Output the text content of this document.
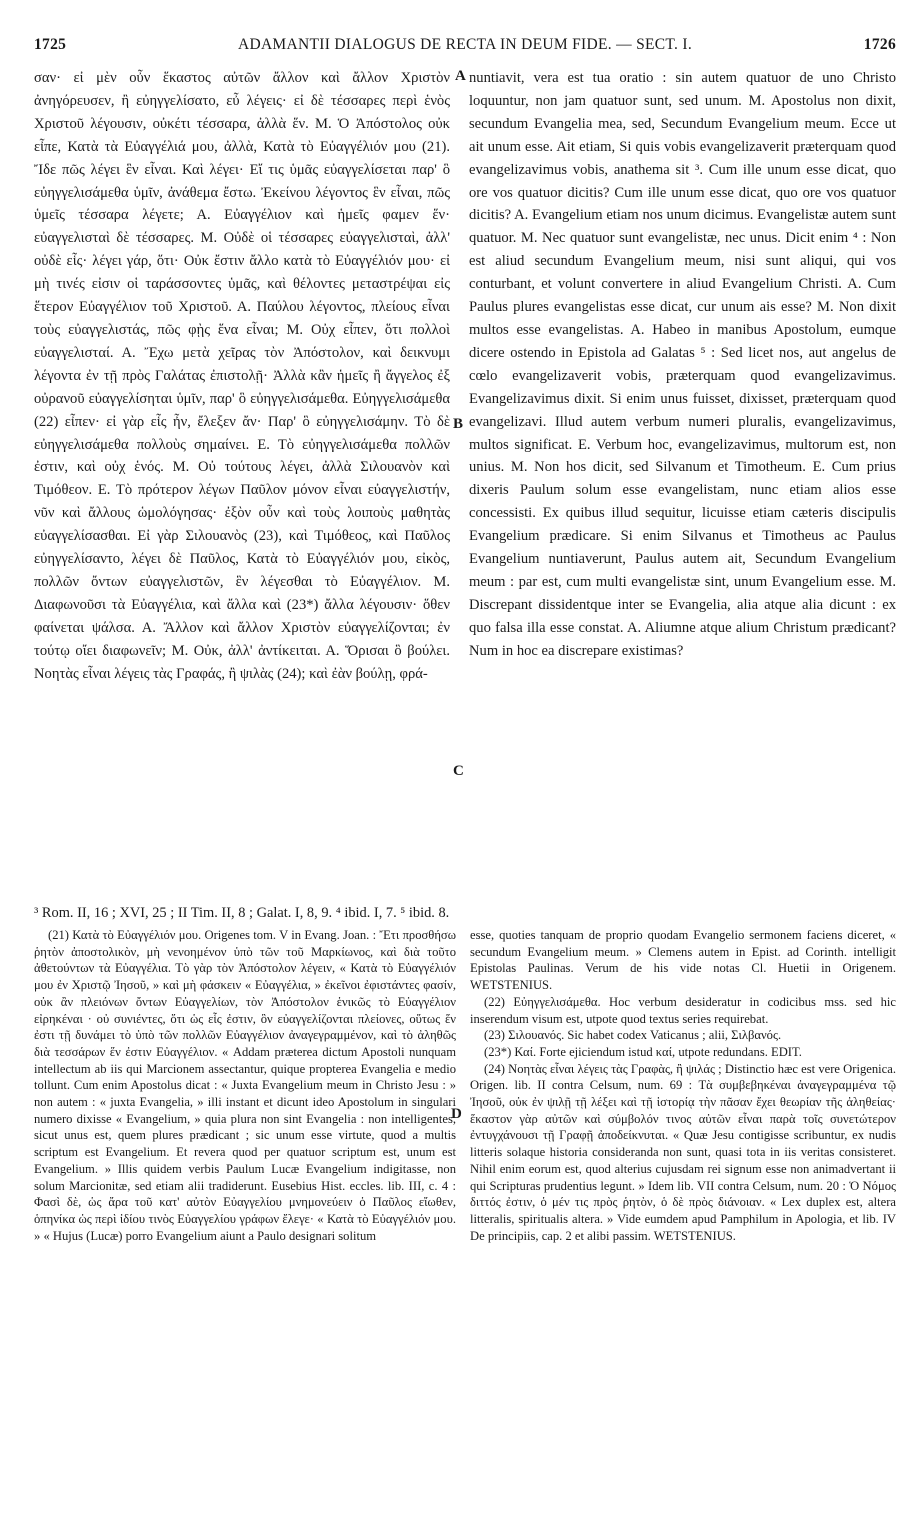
1725	ADAMANTII DIALOGUS DE RECTA IN DEUM FIDE. — SECT. I.	1726

σαν· εἰ μὲν οὖν ἕκαστος αὐτῶν ἄλλον καὶ ἄλλον Χριστὸν ἀνηγόρευσεν, ἢ εὐηγγελίσατο, εὖ λέγεις· εἰ δὲ τέσσαρες περὶ ἑνὸς Χριστοῦ λέγουσιν, οὐκέτι τέσσαρα, ἀλλὰ ἕν. Μ. Ὁ Ἀπόστολος οὐκ εἶπε, Κατὰ τὰ Εὐαγγέλιά μου, ἀλλὰ, Κατὰ τὸ Εὐαγγέλιόν μου (21). Ἴδε πῶς λέγει ἓν εἶναι. Καὶ λέγει· Εἴ τις ὑμᾶς εὐαγγελίσεται παρ' ὃ εὐηγγελισάμεθα ὑμῖν, ἀνάθεμα ἔστω. Ἐκείνου λέγοντος ἓν εἶναι, πῶς ὑμεῖς τέσσαρα λέγετε; Α. Εὐαγγέλιον καὶ ἡμεῖς φαμεν ἕν· εὐαγγελισταὶ δὲ τέσσαρες. Μ. Οὐδὲ οἱ τέσσαρες εὐαγγελισταὶ, ἀλλ' οὐδὲ εἷς· λέγει γάρ, ὅτι· Οὐκ ἔστιν ἄλλο κατὰ τὸ Εὐαγγέλιόν μου· εἰ μὴ τινές εἰσιν οἱ ταράσσοντες ὑμᾶς, καὶ θέλοντες μεταστρέψαι εἰς ἕτερον Εὐαγγέλιον τοῦ Χριστοῦ. Α. Παύλου λέγοντος, πλείους εἶναι τοὺς εὐαγγελιστάς, πῶς φῂς ἕνα εἶναι; Μ. Οὐχ εἶπεν, ὅτι πολλοὶ εὐαγγελισταί. Α. Ἔχω μετὰ χεῖρας τὸν Ἀπόστολον, καὶ δεικνυμι λέγοντα ἐν τῇ πρὸς Γαλάτας ἐπιστολῇ· Ἀλλὰ κἂν ἡμεῖς ἢ ἄγγελος ἐξ οὐρανοῦ εὐαγγελίσηται ὑμῖν, παρ' ὃ εὐηγγελισάμεθα. Εὐηγγελισάμεθα (22) εἶπεν· εἰ γὰρ εἷς ἦν, ἔλεξεν ἄν· Παρ' ὃ εὐηγγελισάμην. Τὸ δὲ εὐηγγελισάμεθα πολλοὺς σημαίνει. Ε. Τὸ εὐηγγελισάμεθα πολλῶν ἐστιν, καὶ οὐχ ἑνός. Μ. Οὐ τούτους λέγει, ἀλλὰ Σιλουανὸν καὶ Τιμόθεον. Ε. Τὸ πρότερον λέγων Παῦλον μόνον εἶναι εὐαγγελιστήν, νῦν καὶ ἄλλους ὡμολόγησας· ἐξὸν οὖν καὶ τοὺς λοιποὺς μαθητὰς εὐαγγελίσασθαι. Εἰ γὰρ Σιλουανὸς (23), καὶ Τιμόθεος, καὶ Παῦλος εὐηγγελίσαντο, λέγει δὲ Παῦλος, Κατὰ τὸ Εὐαγγέλιόν μου, εἰκὸς, πολλῶν ὄντων εὐαγγελιστῶν, ἓν λέγεσθαι τὸ Εὐαγγέλιον. Μ. Διαφωνοῦσι τὰ Εὐαγγέλια, καὶ ἄλλα καὶ (23*) ἄλλα λέγουσιν· ὅθεν φαίνεται ψάλσα. Α. Ἄλλον καὶ ἄλλον Χριστὸν εὐαγγελίζονται; ἐν τούτῳ οἴει διαφωνεῖν; Μ. Οὐκ, ἀλλ' ἀντίκειται. Α. Ὅρισαι ὃ βούλει. Νοητὰς εἶναι λέγεις τὰς Γραφάς, ἢ ψιλὰς (24); καὶ ἐὰν βούλῃ, φρά-

A
B
C
D

nuntiavit, vera est tua oratio : sin autem quatuor de uno Christo loquuntur, non jam quatuor sunt, sed unum. M. Apostolus non dixit, secundum Evangelia mea, sed, Secundum Evangelium meum. Ecce ut ait unum esse. Ait etiam, Si quis vobis evangelizaverit præterquam quod evangelizavimus vobis, anathema sit ³. Cum ille unum esse dicat, quo ore vos quatuor dicitis? Cum ille unum esse dicat, quo ore vos quatuor dicitis? A. Evangelium etiam nos unum dicimus. Evangelistæ autem sunt quatuor. M. Nec quatuor sunt evangelistæ, nec unus. Dicit enim ⁴ : Non est aliud secundum Evangelium meum, nisi sunt aliqui, qui vos conturbant, et volunt convertere in aliud Evangelium Christi. A. Cum Paulus plures evangelistas esse dicat, cur unum ais esse? M. Non dixit multos esse evangelistas. A. Habeo in manibus Apostolum, eumque dicere ostendo in Epistola ad Galatas ⁵ : Sed licet nos, aut angelus de cœlo evangelizaverit vobis, præterquam quod evangelizavimus. Evangelizavimus dixit. Si enim unus fuisset, dixisset, præterquam quod evangelizavi. Illud autem verbum numeri pluralis, evangelizavimus, multos significat. E. Verbum hoc, evangelizavimus, multorum est, non unius. M. Non hos dicit, sed Silvanum et Timotheum. E. Cum prius dixeris Paulum solum esse evangelistam, nunc etiam alios esse concessisti. Ex quibus illud sequitur, licuisse etiam cæteris discipulis Evangelium prædicare. Si enim Silvanus et Timotheus ac Paulus Evangelium nuntiaverunt, Paulus autem ait, Secundum Evangelium meum : par est, cum multi evangelistæ sint, unum Evangelium esse. M. Discrepant dissidentque inter se Evangelia, alia atque alia dicunt : ex quo falsa illa esse constat. A. Aliumne atque alium Christum prædicant? Num in hoc ea discrepare existimas?

³ Rom. II, 16 ; XVI, 25 ; II Tim. II, 8 ; Galat. I, 8, 9. ⁴ ibid. I, 7. ⁵ ibid. 8.

(21) Κατὰ τὸ Εὐαγγέλιόν μου. Origenes tom. V in Evang. Joan. : Ἔτι προσθήσω ῥητὸν ἀποστολικὸν, μὴ νενοημένον ὑπὸ τῶν τοῦ Μαρκίωνος, καὶ διὰ τοῦτο ἀθετούντων τὰ Εὐαγγέλια. Τὸ γὰρ τὸν Ἀπόστολον λέγειν, « Κατὰ τὸ Εὐαγγέλιόν μου ἐν Χριστῷ Ἰησοῦ, » καὶ μὴ φάσκειν « Εὐαγγέλια, » ἐκεῖνοι ἐφιστάντες φασίν, οὐκ ἂν πλειόνων ὄντων Εὐαγγελίων, τὸν Ἀπόστολον ἑνικῶς τὸ Εὐαγγέλιον εἰρηκέναι · οὐ συνιέντες, ὅτι ὡς εἷς ἐστιν, ὃν εὐαγγελίζονται πλείονες, οὕτως ἕν ἐστι τῇ δυνάμει τὸ ὑπὸ τῶν πολλῶν Εὐαγγέλιον ἀναγεγραμμένον, καὶ τὸ ἀληθῶς διὰ τεσσάρων ἕν ἐστιν Εὐαγγέλιον. « Addam præterea dictum Apostoli nunquam intellectum ab iis qui Marcionem assectantur, quique propterea Evangelia e medio tollunt. Cum enim Apostolus dicat : « Juxta Evangelium meum in Christo Jesu : » non autem : « juxta Evangelia, » illi instant et dicunt ideo Apostolum in singulari numero dixisse « Evangelium, » quia plura non sint Evangelia : non intelligentes, sicut unus est, quem plures prædicant ; sic unum esse virtute, quod a multis scriptum est Evangelium. Et revera quod per quatuor scriptum est, unum est Evangelium. » Illis quidem verbis Paulum Lucæ Evangelium indigitasse, non solum Marcionitæ, sed etiam alii tradiderunt. Eusebius Hist. eccles. lib. III, c. 4 : Φασὶ δὲ, ὡς ἄρα τοῦ κατ' αὐτὸν Εὐαγγελίου μνημονεύειν ὁ Παῦλος εἴωθεν, ὁπηνίκα ὡς περὶ ἰδίου τινὸς Εὐαγγελίου γράφων ἔλεγε· « Κατὰ τὸ Εὐαγγέλιόν μου. » « Hujus (Lucæ) porro Evangelium aiunt a Paulo designari solitum

esse, quoties tanquam de proprio quodam Evangelio sermonem faciens diceret, « secundum Evangelium meum. » Clemens autem in Epist. ad Corinth. intelligit Epistolas Paulinas. Verum de his vide notas Cl. Huetii in Origenem. WETSTENIUS.

(22) Εὐηγγελισάμεθα. Hoc verbum desideratur in codicibus mss. sed hic inserendum visum est, utpote quod textus series requirebat.

(23) Σιλουανός. Sic habet codex Vaticanus ; alii, Σιλβανός.

(23*) Καί. Forte ejiciendum istud καί, utpote redundans. EDIT.

(24) Νοητὰς εἶναι λέγεις τὰς Γραφὰς, ἢ ψιλάς ; Distinctio hæc est vere Origenica. Origen. lib. II contra Celsum, num. 69 : Τὰ συμβεβηκέναι ἀναγεγραμμένα τῷ Ἰησοῦ, οὐκ ἐν ψιλῇ τῇ λέξει καὶ τῇ ἱστορίᾳ τὴν πᾶσαν ἔχει θεωρίαν τῆς ἀληθείας· ἕκαστον γὰρ αὐτῶν καὶ σύμβολόν τινος αὐτῶν εἶναι παρὰ τοῖς συνετώτερον ἐντυγχάνουσι τῇ Γραφῇ ἀποδείκνυται. « Quæ Jesu contigisse scribuntur, ex nudis litteris solaque historia consideranda non sunt, quasi tota in iis veritas consisteret. Nihil enim eorum est, quod alterius cujusdam rei signum esse non animadvertant ii qui Scripturas prudentius legunt. » Idem lib. VII contra Celsum, num. 20 : Ὁ Νόμος διττός ἐστιν, ὁ μέν τις πρὸς ῥητὸν, ὁ δὲ πρὸς διάνοιαν. « Lex duplex est, altera litteralis, spiritualis altera. » Vide eumdem apud Pamphilum in Apologia, et lib. IV De principiis, cap. 2 et alibi passim. WETSTENIUS.
